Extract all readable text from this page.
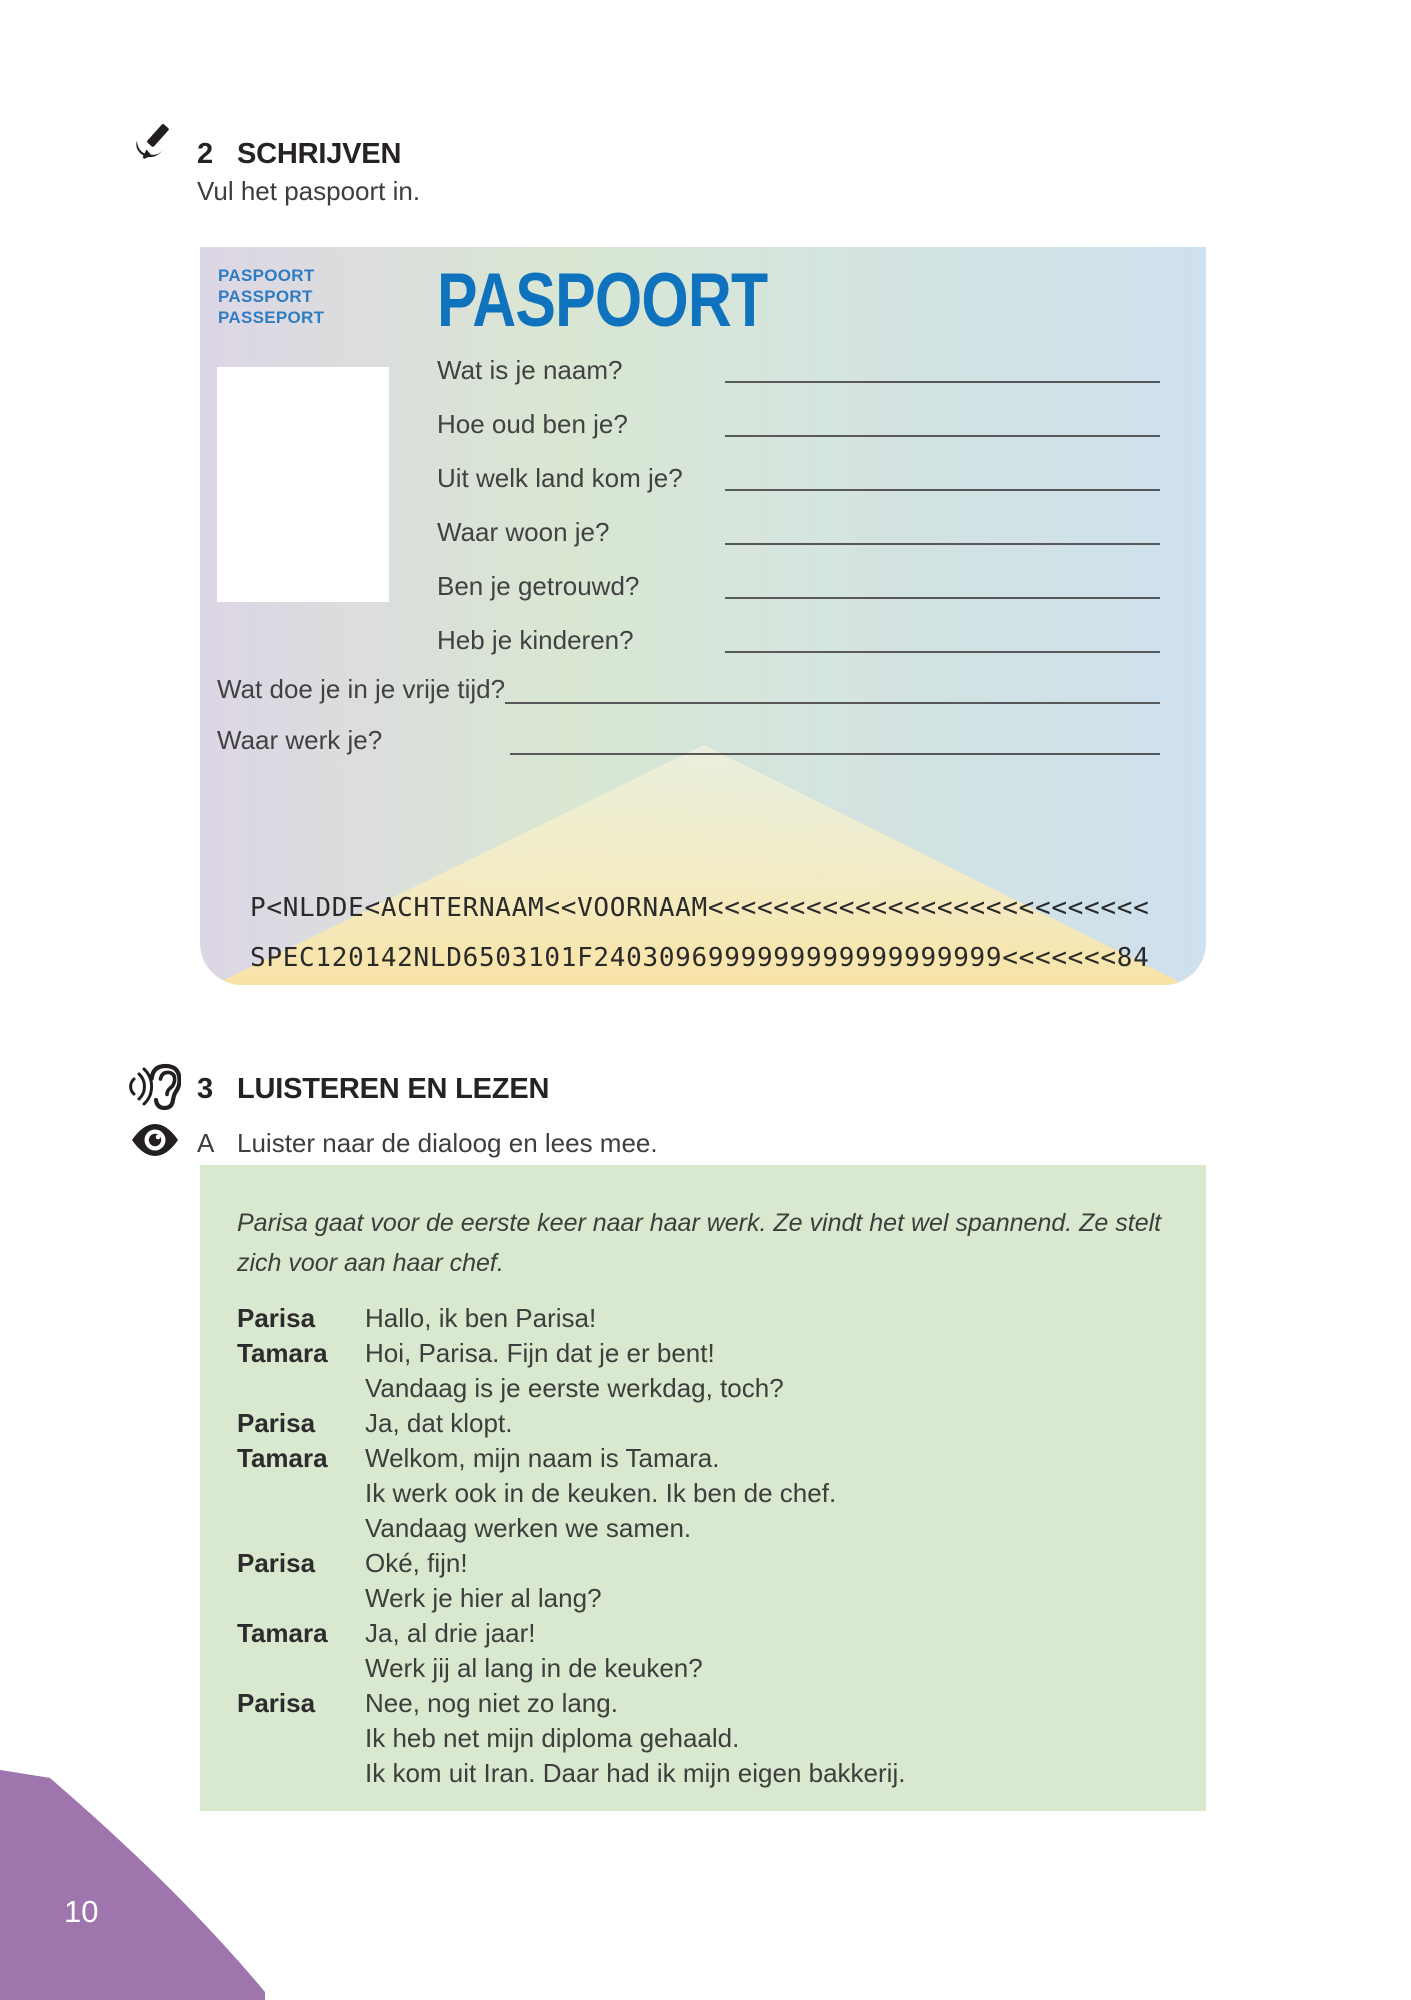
2 SCHRIJVEN
Vul het paspoort in.
PASPOORT
PASSPORT
PASSEPORT PASPOORT
Wat is je naam?
Hoe oud ben je?
Uit welk land kom je?
Waar woon je?
Ben je getrouwd?
Heb je kinderen?
Wat doe je in je vrije tijd?
Waar werk je?
P<NLDDE<ACHTERNAAM<<VOORNAAM<<<<<<<<<<<<<<<<<<<<<<<<<<<
SPEC120142NLD6503101F2403096999999999999999999<<<<<<<84
3 LUISTEREN EN LEZEN
A Luister naar de dialoog en lees mee.
Parisa gaat voor de eerste keer naar haar werk. Ze vindt het wel spannend. Ze stelt
zich voor aan haar chef.
Parisa Hallo, ik ben Parisa!
Tamara Hoi, Parisa. Fijn dat je er bent!
Vandaag is je eerste werkdag, toch?
Parisa Ja, dat klopt.
Tamara Welkom, mijn naam is Tamara.
Ik werk ook in de keuken. Ik ben de chef.
Vandaag werken we samen.
Parisa Oké, fijn!
Werk je hier al lang?
Tamara Ja, al drie jaar!
Werk jij al lang in de keuken?
Parisa Nee, nog niet zo lang.
Ik heb net mijn diploma gehaald.
Ik kom uit Iran. Daar had ik mijn eigen bakkerij.
10
